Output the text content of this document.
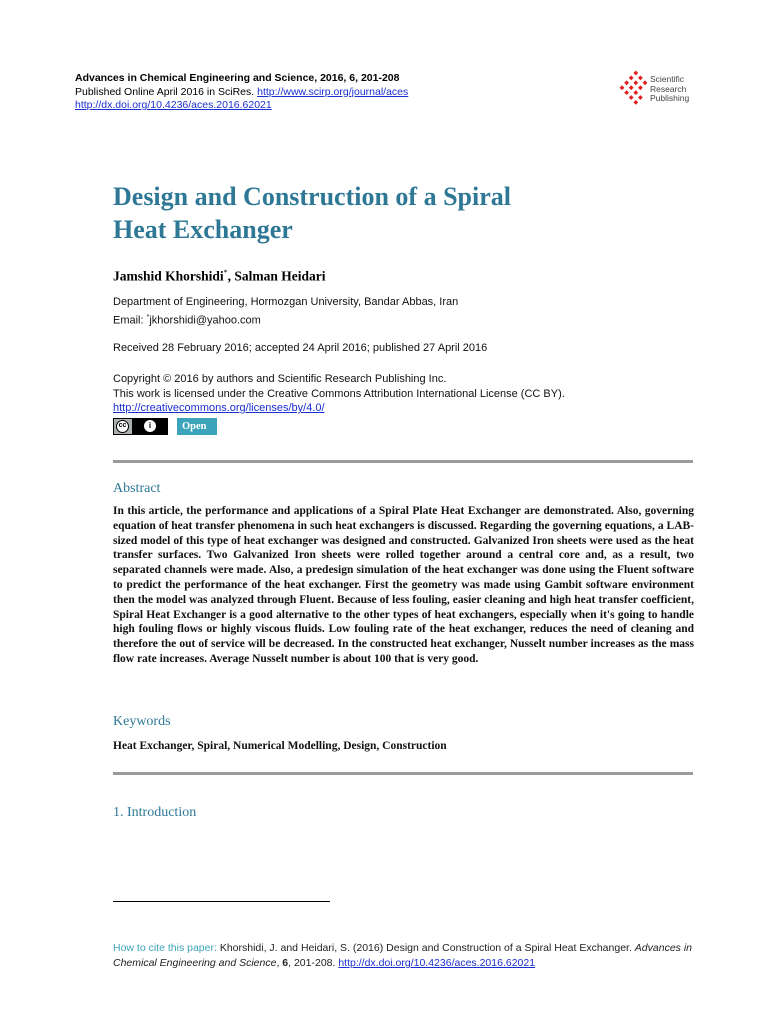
Advances in Chemical Engineering and Science, 2016, 6, 201-208
Published Online April 2016 in SciRes. http://www.scirp.org/journal/aces
http://dx.doi.org/10.4236/aces.2016.62021
Scientific
Research
Publishing
Design and Construction of a Spiral
Heat Exchanger
Jamshid Khorshidi*, Salman Heidari
Department of Engineering, Hormozgan University, Bandar Abbas, Iran
Email: *jkhorshidi@yahoo.com
Received 28 February 2016; accepted 24 April 2016; published 27 April 2016
Copyright © 2016 by authors and Scientific Research Publishing Inc.
This work is licensed under the Creative Commons Attribution International License (CC BY).
http://creativecommons.org/licenses/by/4.0/
cc	i	Open Access
Abstract
In this article, the performance and applications of a Spiral Plate Heat Exchanger are demonstrated. Also, governing equation of heat transfer phenomena in such heat exchangers is discussed. Regarding the governing equations, a LAB-sized model of this type of heat exchanger was designed and constructed. Galvanized Iron sheets were used as the heat transfer surfaces. Two Galvanized Iron sheets were rolled together around a central core and, as a result, two separated channels were made. Also, a predesign simulation of the heat exchanger was done using the Fluent software to predict the performance of the heat exchanger. First the geometry was made using Gambit software environment then the model was analyzed through Fluent. Because of less fouling, easier cleaning and high heat transfer coefficient, Spiral Heat Exchanger is a good alternative to the other types of heat exchangers, especially when it's going to handle high fouling flows or highly viscous fluids. Low fouling rate of the heat exchanger, reduces the need of cleaning and therefore the out of service will be decreased. In the constructed heat exchanger, Nusselt number increases as the mass flow rate increases. Average Nusselt number is about 100 that is very good.
Keywords
Heat Exchanger, Spiral, Numerical Modelling, Design, Construction
1. Introduction
How to cite this paper: Khorshidi, J. and Heidari, S. (2016) Design and Construction of a Spiral Heat Exchanger. Advances in Chemical Engineering and Science, 6, 201-208. http://dx.doi.org/10.4236/aces.2016.62021
